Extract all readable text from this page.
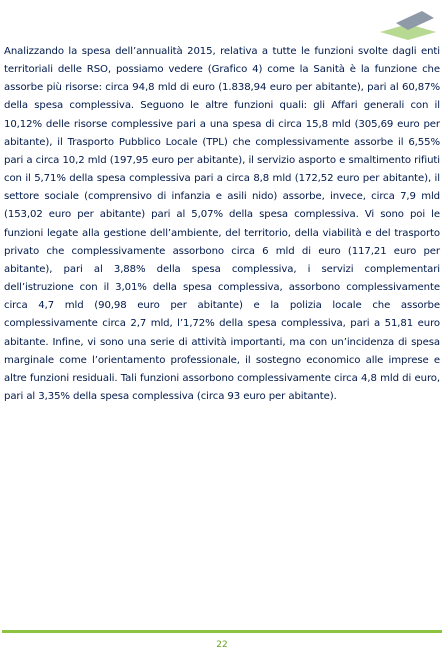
Analizzando la spesa dell’annualità 2015, relativa a tutte le funzioni svolte dagli enti territoriali delle RSO, possiamo vedere (Grafico 4) come la Sanità è la funzione che assorbe più risorse: circa 94,8 mld di euro (1.838,94 euro per abitante), pari al 60,87% della spesa complessiva. Seguono le altre funzioni quali: gli Affari generali con il 10,12% delle risorse complessive pari a una spesa di circa 15,8 mld (305,69 euro per abitante), il Trasporto Pubblico Locale (TPL) che complessivamente assorbe il 6,55% pari a circa 10,2 mld (197,95 euro per abitante), il servizio asporto e smaltimento rifiuti con il 5,71% della spesa complessiva pari a circa 8,8 mld (172,52 euro per abitante), il settore sociale (comprensivo di infanzia e asili nido) assorbe, invece, circa 7,9 mld (153,02 euro per abitante) pari al 5,07% della spesa complessiva. Vi sono poi le funzioni legate alla gestione dell’ambiente, del territorio, della viabilità e del trasporto privato che complessivamente assorbono circa 6 mld di euro (117,21 euro per abitante), pari al 3,88% della spesa complessiva, i servizi complementari dell’istruzione con il 3,01% della spesa complessiva, assorbono complessivamente circa 4,7 mld (90,98 euro per abitante) e la polizia locale che assorbe complessivamente circa 2,7 mld, l’1,72% della spesa complessiva, pari a 51,81 euro abitante. Infine, vi sono una serie di attività importanti, ma con un’incidenza di spesa marginale come l’orientamento professionale, il sostegno economico alle imprese e altre funzioni residuali. Tali funzioni assorbono complessivamente circa 4,8 mld di euro, pari al 3,35% della spesa complessiva (circa 93 euro per abitante).

22
